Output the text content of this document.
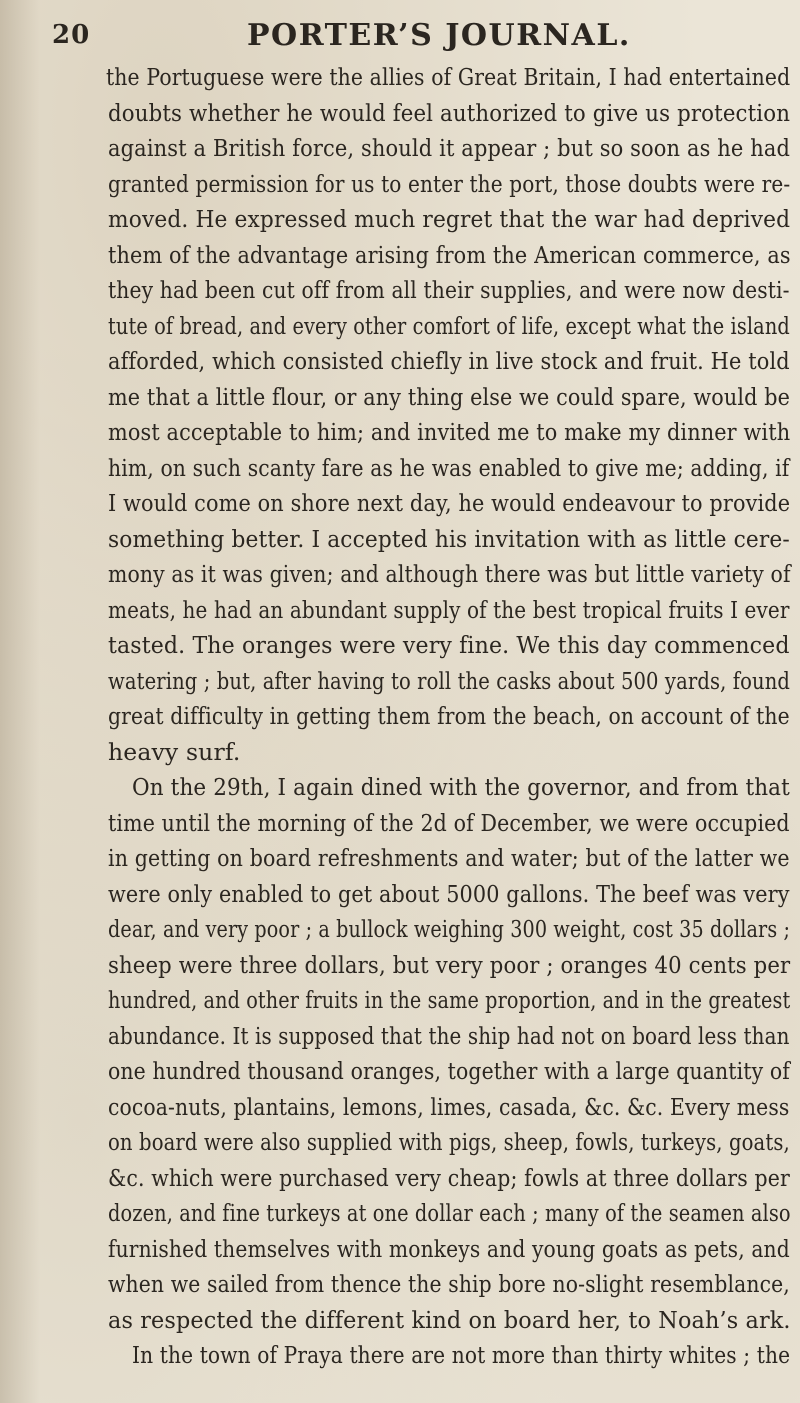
20	PORTER’S JOURNAL.
the Portuguese were the allies of Great Britain, I had entertained
doubts whether he would feel authorized to give us protection
against a British force, should it appear ; but so soon as he had
granted permission for us to enter the port, those doubts were re-
moved. He expressed much regret that the war had deprived
them of the advantage arising from the American commerce, as
they had been cut off from all their supplies, and were now desti-
tute of bread, and every other comfort of life, except what the island
afforded, which consisted chiefly in live stock and fruit. He told
me that a little flour, or any thing else we could spare, would be
most acceptable to him; and invited me to make my dinner with
him, on such scanty fare as he was enabled to give me; adding, if
I would come on shore next day, he would endeavour to provide
something better. I accepted his invitation with as little cere-
mony as it was given; and although there was but little variety of
meats, he had an abundant supply of the best tropical fruits I ever
tasted. The oranges were very fine. We this day commenced
watering ; but, after having to roll the casks about 500 yards, found
great difficulty in getting them from the beach, on account of the
heavy surf.
On the 29th, I again dined with the governor, and from that
time until the morning of the 2d of December, we were occupied
in getting on board refreshments and water; but of the latter we
were only enabled to get about 5000 gallons. The beef was very
dear, and very poor ; a bullock weighing 300 weight, cost 35 dollars ;
sheep were three dollars, but very poor ; oranges 40 cents per
hundred, and other fruits in the same proportion, and in the greatest
abundance. It is supposed that the ship had not on board less than
one hundred thousand oranges, together with a large quantity of
cocoa-nuts, plantains, lemons, limes, casada, &c. &c. Every mess
on board were also supplied with pigs, sheep, fowls, turkeys, goats,
&c. which were purchased very cheap; fowls at three dollars per
dozen, and fine turkeys at one dollar each ; many of the seamen also
furnished themselves with monkeys and young goats as pets, and
when we sailed from thence the ship bore no-slight resemblance,
as respected the different kind on board her, to Noah’s ark.
In the town of Praya there are not more than thirty whites ; the
